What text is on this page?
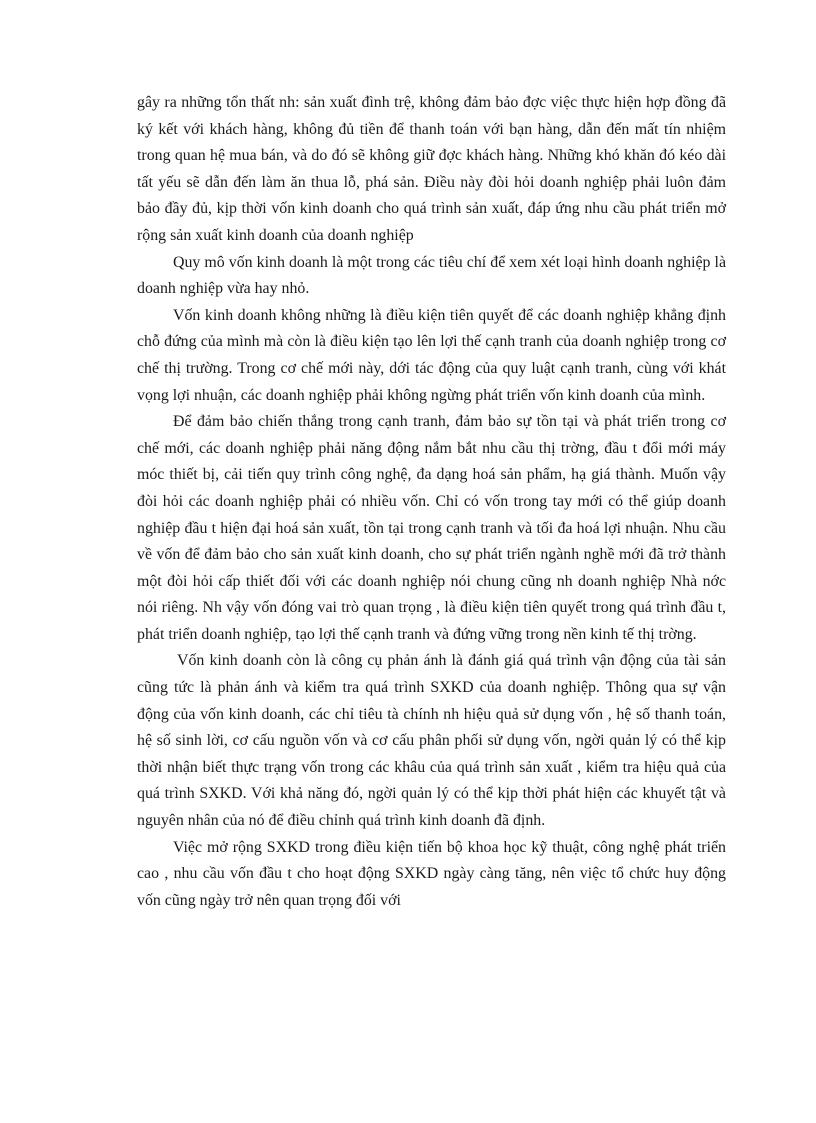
gây ra những tổn thất nh: sản xuất đình trệ, không đảm bảo đợc việc thực hiện hợp đồng đã ký kết với khách hàng, không đủ tiền để thanh toán với bạn hàng, dẫn đến mất tín nhiệm trong quan hệ mua bán, và do đó sẽ không giữ đợc khách hàng. Những khó khăn đó kéo dài tất yếu sẽ dẫn đến làm ăn thua lỗ, phá sản. Điều này đòi hỏi doanh nghiệp phải luôn đảm bảo đầy đủ, kịp thời vốn kinh doanh cho quá trình sản xuất, đáp ứng nhu cầu phát triển mở rộng sản xuất kinh doanh của doanh nghiệp

Quy mô vốn kinh doanh là một trong các tiêu chí để xem xét loại hình doanh nghiệp là doanh nghiệp vừa hay nhỏ.

Vốn kinh doanh không những là điều kiện tiên quyết để các doanh nghiệp khẳng định chỗ đứng của mình mà còn là điều kiện tạo lên lợi thế cạnh tranh của doanh nghiệp trong cơ chế thị trường. Trong cơ chế mới này, dới tác động của quy luật cạnh tranh, cùng với khát vọng lợi nhuận, các doanh nghiệp phải không ngừng phát triển vốn kinh doanh của mình.

Để đảm bảo chiến thắng trong cạnh tranh, đảm bảo sự tồn tại và phát triển trong cơ chế mới, các doanh nghiệp phải năng động nắm bắt nhu cầu thị trờng, đầu t đổi mới máy móc thiết bị, cải tiến quy trình công nghệ, đa dạng hoá sản phẩm, hạ giá thành. Muốn vậy đòi hỏi các doanh nghiệp phải có nhiều vốn. Chỉ có vốn trong tay mới có thể giúp doanh nghiệp đầu t hiện đại hoá sản xuất, tồn tại trong cạnh tranh và tối đa hoá lợi nhuận. Nhu cầu về vốn để đảm bảo cho sản xuất kinh doanh, cho sự phát triển ngành nghề mới đã trở thành một đòi hỏi cấp thiết đối với các doanh nghiệp nói chung cũng nh doanh nghiệp Nhà nớc nói riêng. Nh vậy vốn đóng vai trò quan trọng , là điều kiện tiên quyết trong quá trình đầu t, phát triển doanh nghiệp, tạo lợi thế cạnh tranh và đứng vững trong nền kinh tế thị trờng.

Vốn kinh doanh còn là công cụ phản ánh là đánh giá quá trình vận động của tài sản cũng tức là phản ánh và kiểm tra quá trình SXKD của doanh nghiệp. Thông qua sự vận động của vốn kinh doanh, các chỉ tiêu tà chính nh hiệu quả sử dụng vốn , hệ số thanh toán, hệ số sinh lời, cơ cấu nguồn vốn và cơ cấu phân phối sử dụng vốn, ngời quản lý có thể kịp thời nhận biết thực trạng vốn trong các khâu của quá trình sản xuất , kiểm tra hiệu quả của quá trình SXKD. Với khả năng đó, ngời quản lý có thể kịp thời phát hiện các khuyết tật và nguyên nhân của nó để điều chỉnh quá trình kinh doanh đã định.

Việc mở rộng SXKD trong điều kiện tiến bộ khoa học kỹ thuật, công nghệ phát triển cao , nhu cầu vốn đầu t cho hoạt động SXKD ngày càng tăng, nên việc tổ chức huy động vốn cũng ngày trở nên quan trọng đối với
